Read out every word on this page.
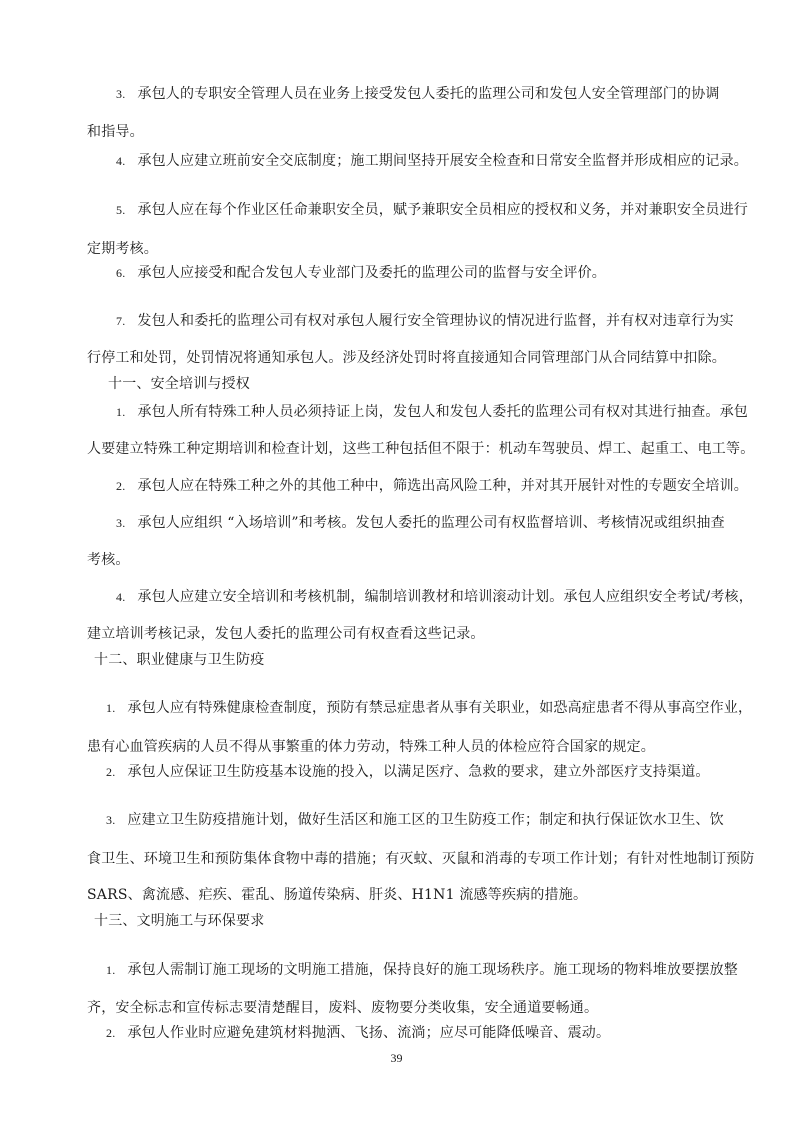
3. 承包人的专职安全管理人员在业务上接受发包人委托的监理公司和发包人安全管理部门的协调
和指导。
4. 承包人应建立班前安全交底制度；施工期间坚持开展安全检查和日常安全监督并形成相应的记录。
5. 承包人应在每个作业区任命兼职安全员，赋予兼职安全员相应的授权和义务，并对兼职安全员进行
定期考核。
6. 承包人应接受和配合发包人专业部门及委托的监理公司的监督与安全评价。
7. 发包人和委托的监理公司有权对承包人履行安全管理协议的情况进行监督，并有权对违章行为实
行停工和处罚，处罚情况将通知承包人。涉及经济处罚时将直接通知合同管理部门从合同结算中扣除。
十一、安全培训与授权
1. 承包人所有特殊工种人员必须持证上岗，发包人和发包人委托的监理公司有权对其进行抽查。承包
人要建立特殊工种定期培训和检查计划，这些工种包括但不限于：机动车驾驶员、焊工、起重工、电工等。
2. 承包人应在特殊工种之外的其他工种中，筛选出高风险工种，并对其开展针对性的专题安全培训。
3. 承包人应组织 “入场培训”和考核。发包人委托的监理公司有权监督培训、考核情况或组织抽查
考核。
4. 承包人应建立安全培训和考核机制，编制培训教材和培训滚动计划。承包人应组织安全考试/考核，
建立培训考核记录，发包人委托的监理公司有权查看这些记录。
十二、职业健康与卫生防疫
1. 承包人应有特殊健康检查制度，预防有禁忌症患者从事有关职业，如恐高症患者不得从事高空作业，
患有心血管疾病的人员不得从事繁重的体力劳动，特殊工种人员的体检应符合国家的规定。
2. 承包人应保证卫生防疫基本设施的投入，以满足医疗、急救的要求，建立外部医疗支持渠道。
3. 应建立卫生防疫措施计划，做好生活区和施工区的卫生防疫工作；制定和执行保证饮水卫生、饮
食卫生、环境卫生和预防集体食物中毒的措施；有灭蚊、灭鼠和消毒的专项工作计划；有针对性地制订预防
SARS、禽流感、疟疾、霍乱、肠道传染病、肝炎、H1N1 流感等疾病的措施。
十三、文明施工与环保要求
1. 承包人需制订施工现场的文明施工措施，保持良好的施工现场秩序。施工现场的物料堆放要摆放整
齐，安全标志和宣传标志要清楚醒目，废料、废物要分类收集，安全通道要畅通。
2. 承包人作业时应避免建筑材料抛洒、飞扬、流淌；应尽可能降低噪音、震动。
39
